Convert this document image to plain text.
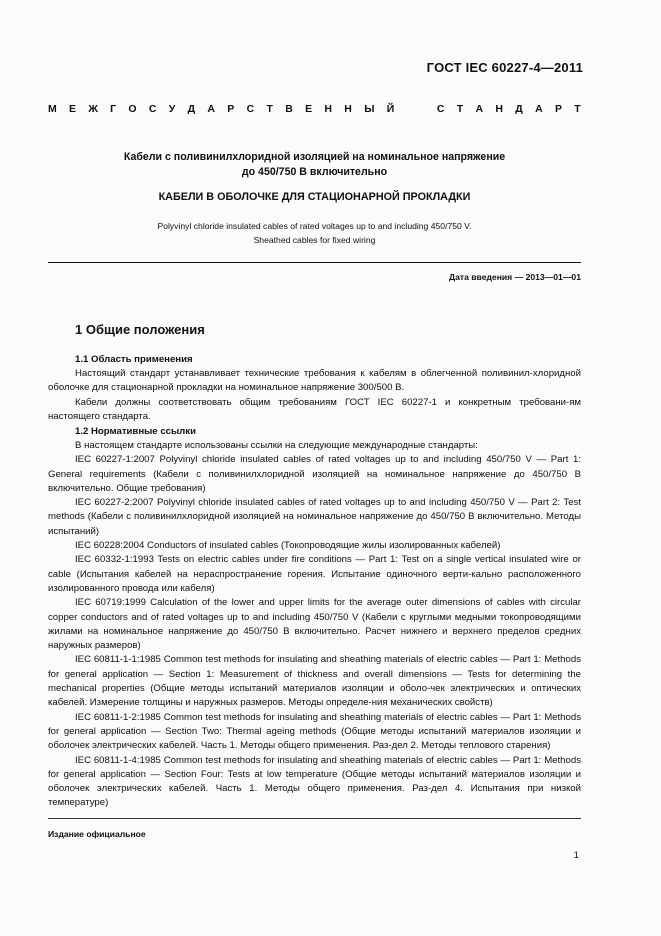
ГОСТ IEC 60227-4—2011
М Е Ж Г О С У Д А Р С Т В Е Н Н Ы Й	С Т А Н Д А Р Т
Кабели с поливинилхлоридной изоляцией на номинальное напряжение
до 450/750 В включительно
КАБЕЛИ В ОБОЛОЧКЕ ДЛЯ СТАЦИОНАРНОЙ ПРОКЛАДКИ
Polyvinyl chloride insulated cables of rated voltages up to and including 450/750 V.
Sheathed cables for fixed wiring
Дата введения — 2013—01—01
1 Общие положения
1.1 Область применения

Настоящий стандарт устанавливает технические требования к кабелям в облегченной поливинил-хлоридной оболочке для стационарной прокладки на номинальное напряжение 300/500 В.

Кабели должны соответствовать общим требованиям ГОСТ IEC 60227-1 и конкретным требовани-ям настоящего стандарта.

1.2 Нормативные ссылки

В настоящем стандарте использованы ссылки на следующие международные стандарты:

IEC 60227-1:2007 Polyvinyl chloride insulated cables of rated voltages up to and including 450/750 V — Part 1: General requirements (Кабели с поливинилхлоридной изоляцией на номинальное напряжение до 450/750 В включительно. Общие требования)

IEC 60227-2:2007 Polyvinyl chloride insulated cables of rated voltages up to and including 450/750 V — Part 2: Test methods (Кабели с поливинилхлоридной изоляцией на номинальное напряжение до 450/750 В включительно. Методы испытаний)

IEC 60228:2004 Conductors of insulated cables (Токопроводящие жилы изолированных кабелей)

IEC 60332-1:1993 Tests on electric cables under fire conditions — Part 1: Test on a single vertical insulated wire or cable (Испытания кабелей на нераспространение горения. Испытание одиночного верти-кально расположенного изолированного провода или кабеля)

IEC 60719:1999 Calculation of the lower and upper limits for the average outer dimensions of cables with circular copper conductors and of rated voltages up to and including 450/750 V (Кабели с круглыми медными токопроводящими жилами на номинальное напряжение до 450/750 В включительно. Расчет нижнего и верхнего пределов средних наружных размеров)

IEC 60811-1-1:1985 Common test methods for insulating and sheathing materials of electric cables — Part 1: Methods for general application — Section 1: Measurement of thickness and overall dimensions — Tests for determining the mechanical properties (Общие методы испытаний материалов изоляции и оболо-чек электрических и оптических кабелей. Измерение толщины и наружных размеров. Методы определе-ния механических свойств)

IEC 60811-1-2:1985 Common test methods for insulating and sheathing materials of electric cables — Part 1: Methods for general application — Section Two: Thermal ageing methods (Общие методы испытаний материалов изоляции и оболочек электрических кабелей. Часть 1. Методы общего применения. Раз-дел 2. Методы теплового старения)

IEC 60811-1-4:1985 Common test methods for insulating and sheathing materials of electric cables — Part 1: Methods for general application — Section Four: Tests at low temperature (Общие методы испытаний материалов изоляции и оболочек электрических кабелей. Часть 1. Методы общего применения. Раз-дел 4. Испытания при низкой температуре)

Издание официальное
1
